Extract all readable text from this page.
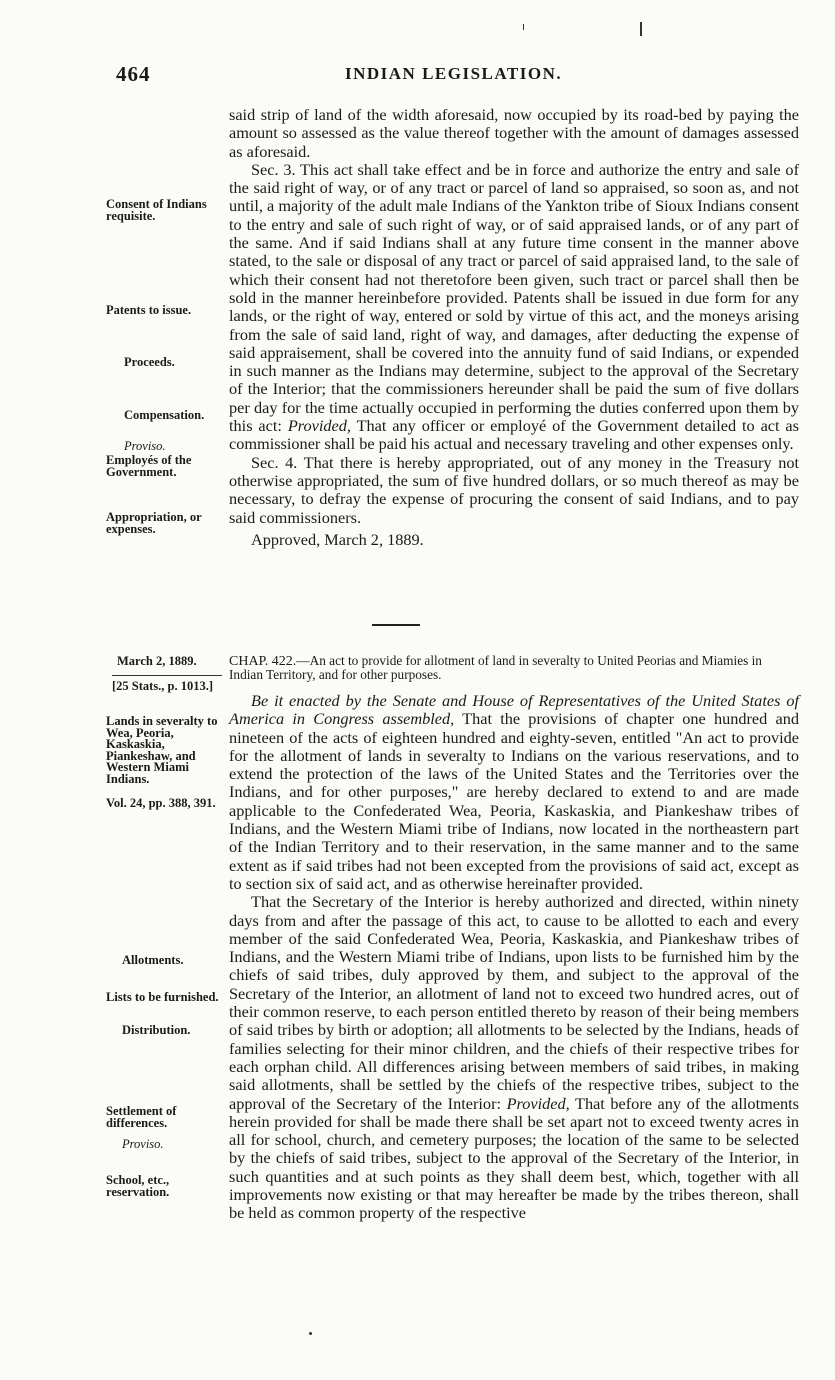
464	INDIAN LEGISLATION.

said strip of land of the width aforesaid, now occupied by its road-bed by paying the amount so assessed as the value thereof together with the amount of damages assessed as aforesaid.

Sec. 3. This act shall take effect and be in force and authorize the entry and sale of the said right of way, or of any tract or parcel of land so appraised, so soon as, and not until, a majority of the adult male Indians of the Yankton tribe of Sioux Indians consent to the entry and sale of such right of way, or of said appraised lands, or of any part of the same. And if said Indians shall at any future time consent in the manner above stated, to the sale or disposal of any tract or parcel of said appraised land, to the sale of which their consent had not theretofore been given, such tract or parcel shall then be sold in the manner hereinbefore provided. Patents shall be issued in due form for any lands, or the right of way, entered or sold by virtue of this act, and the moneys arising from the sale of said land, right of way, and damages, after deducting the expense of said appraisement, shall be covered into the annuity fund of said Indians, or expended in such manner as the Indians may determine, subject to the approval of the Secretary of the Interior; that the commissioners hereunder shall be paid the sum of five dollars per day for the time actually occupied in performing the duties conferred upon them by this act: Provided, That any officer or employé of the Government detailed to act as commissioner shall be paid his actual and necessary traveling and other expenses only.

Sec. 4. That there is hereby appropriated, out of any money in the Treasury not otherwise appropriated, the sum of five hundred dollars, or so much thereof as may be necessary, to defray the expense of procuring the consent of said Indians, and to pay said commissioners.

Approved, March 2, 1889.

Consent of Indians requisite.
Patents to issue.
Proceeds.
Compensation.
Proviso.
Employés of the Government.
Appropriation, or expenses.
March 2, 1889.
[25 Stats., p. 1013.]
CHAP. 422.—An act to provide for allotment of land in severalty to United Peorias and Miamies in Indian Territory, and for other purposes.

Be it enacted by the Senate and House of Representatives of the United States of America in Congress assembled, That the provisions of chapter one hundred and nineteen of the acts of eighteen hundred and eighty-seven, entitled "An act to provide for the allotment of lands in severalty to Indians on the various reservations, and to extend the protection of the laws of the United States and the Territories over the Indians, and for other purposes," are hereby declared to extend to and are made applicable to the Confederated Wea, Peoria, Kaskaskia, and Piankeshaw tribes of Indians, and the Western Miami tribe of Indians, now located in the northeastern part of the Indian Territory and to their reservation, in the same manner and to the same extent as if said tribes had not been excepted from the provisions of said act, except as to section six of said act, and as otherwise hereinafter provided.

That the Secretary of the Interior is hereby authorized and directed, within ninety days from and after the passage of this act, to cause to be allotted to each and every member of the said Confederated Wea, Peoria, Kaskaskia, and Piankeshaw tribes of Indians, and the Western Miami tribe of Indians, upon lists to be furnished him by the chiefs of said tribes, duly approved by them, and subject to the approval of the Secretary of the Interior, an allotment of land not to exceed two hundred acres, out of their common reserve, to each person entitled thereto by reason of their being members of said tribes by birth or adoption; all allotments to be selected by the Indians, heads of families selecting for their minor children, and the chiefs of their respective tribes for each orphan child. All differences arising between members of said tribes, in making said allotments, shall be settled by the chiefs of the respective tribes, subject to the approval of the Secretary of the Interior: Provided, That before any of the allotments herein provided for shall be made there shall be set apart not to exceed twenty acres in all for school, church, and cemetery purposes; the location of the same to be selected by the chiefs of said tribes, subject to the approval of the Secretary of the Interior, in such quantities and at such points as they shall deem best, which, together with all improvements now existing or that may hereafter be made by the tribes thereon, shall be held as common property of the respective

Lands in severalty to Wea, Peoria, Kaskaskia, Piankeshaw, and Western Miami Indians.
Vol. 24, pp. 388, 391.
Allotments.
Lists to be furnished.
Distribution.
Settlement of differences.
Proviso.
School, etc., reservation.
